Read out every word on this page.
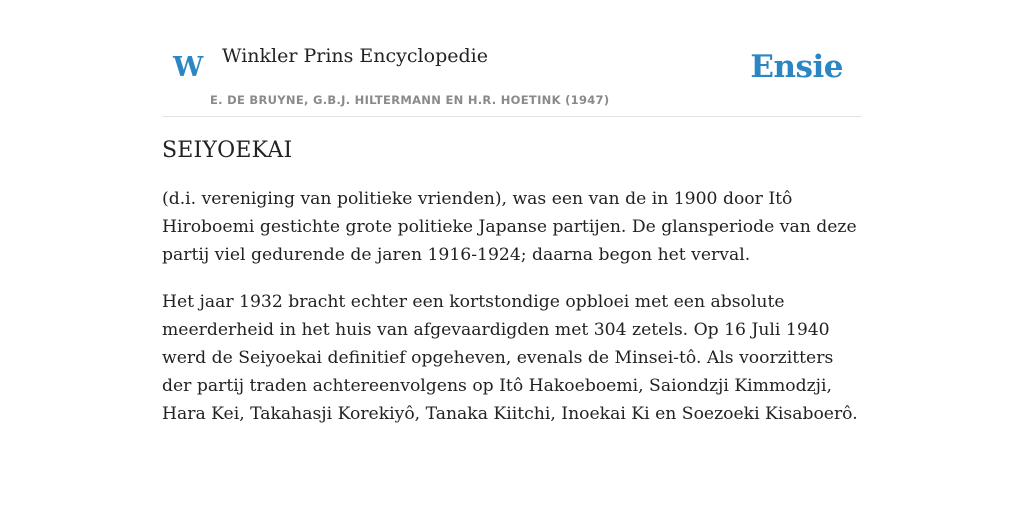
W Winkler Prins Encyclopedie
E. DE BRUYNE, G.B.J. HILTERMANN EN H.R. HOETINK (1947)
Ensie
SEIYOEKAI

(d.i. vereniging van politieke vrienden), was een van de in 1900 door Itô Hiroboemi gestichte grote politieke Japanse partijen. De glansperiode van deze partij viel gedurende de jaren 1916-1924; daarna begon het verval.

Het jaar 1932 bracht echter een kortstondige opbloei met een absolute meerderheid in het huis van afgevaardigden met 304 zetels. Op 16 Juli 1940 werd de Seiyoekai definitief opgeheven, evenals de Minsei-tô. Als voorzitters der partij traden achtereenvolgens op Itô Hakoeboemi, Saiondzji Kimmodzji, Hara Kei, Takahasji Korekiyô, Tanaka Kiitchi, Inoekai Ki en Soezoeki Kisaboerô.
